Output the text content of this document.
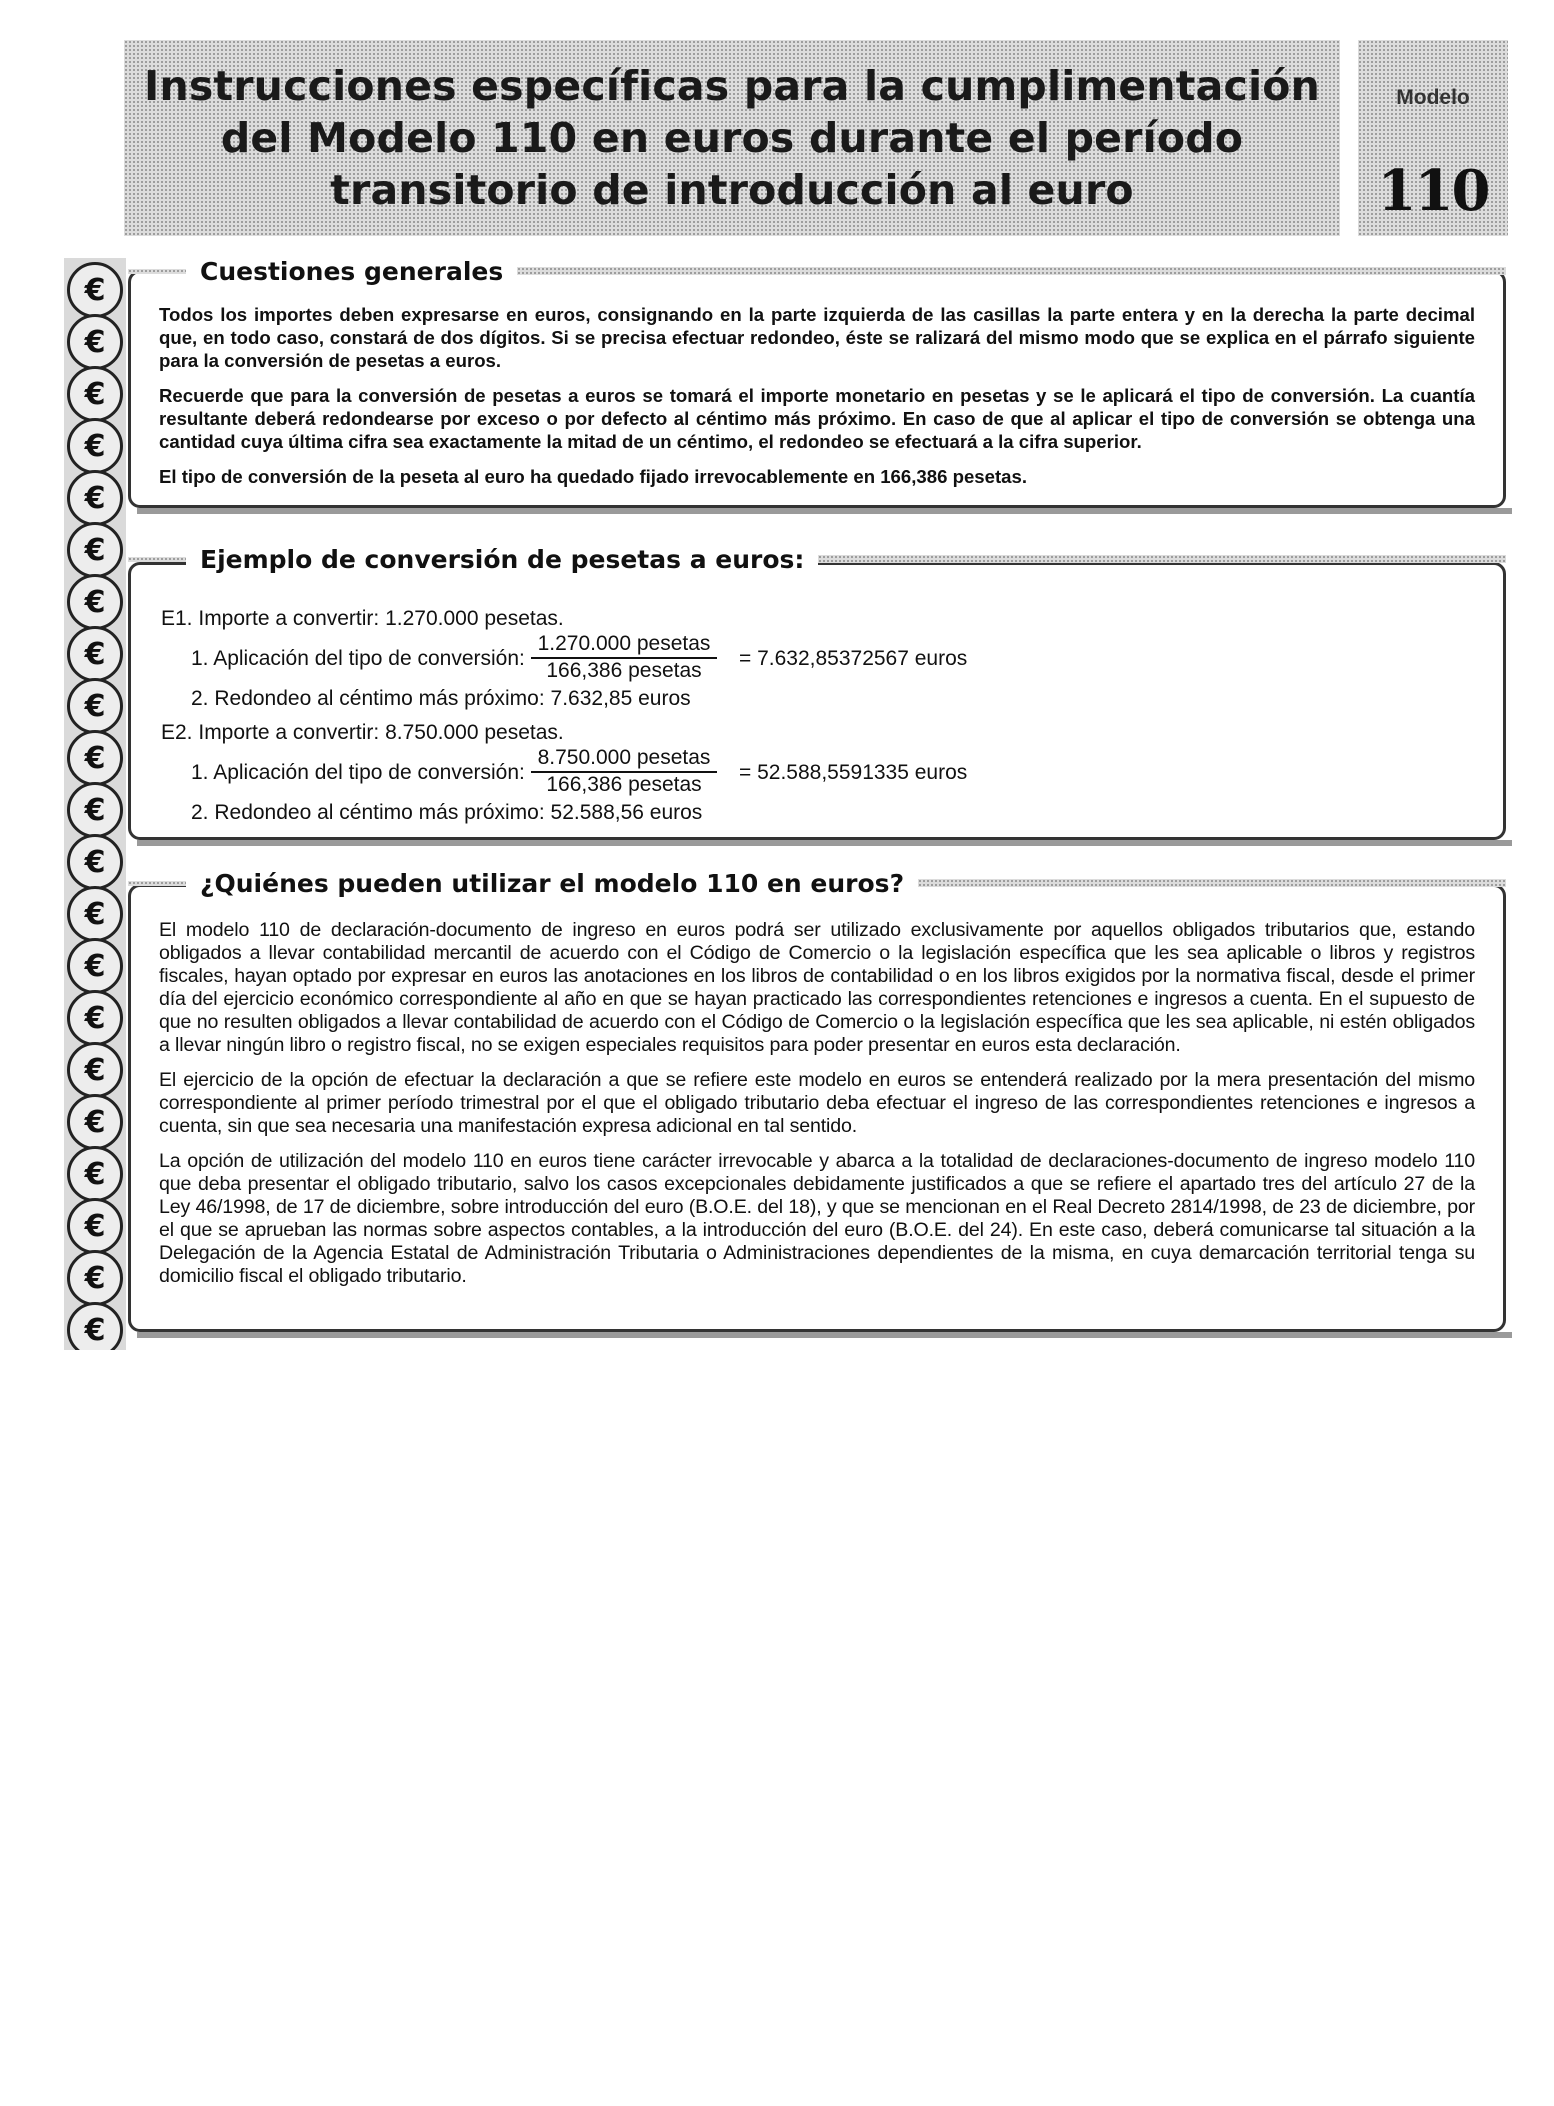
Instrucciones específicas para la cumplimentación
del Modelo 110 en euros durante el período
transitorio de introducción al euro
Modelo
110
€
€
€
€
€
€
€
€
€
€
€
€
€
€
€
€
€
€
€
€
€

Todos los importes deben expresarse en euros, consignando en la parte izquierda de las casillas la parte entera y en la derecha la parte decimal que, en todo caso, constará de dos dígitos. Si se precisa efectuar redondeo, éste se ralizará del mismo modo que se explica en el párrafo siguiente para la conversión de pesetas a euros.

Recuerde que para la conversión de pesetas a euros se tomará el importe monetario en pesetas y se le aplicará el tipo de conversión. La cuantía resultante deberá redondearse por exceso o por defecto al céntimo más próximo. En caso de que al aplicar el tipo de conversión se obtenga una cantidad cuya última cifra sea exactamente la mitad de un céntimo, el redondeo se efectuará a la cifra superior.

El tipo de conversión de la peseta al euro ha quedado fijado irrevocablemente en 166,386 pesetas.

Cuestiones generales
E1. Importe a convertir: 1.270.000 pesetas.
1. Aplicación del tipo de conversión:
1.270.000 pesetas
166,386 pesetas
= 7.632,85372567 euros
2. Redondeo al céntimo más próximo: 7.632,85 euros
E2. Importe a convertir: 8.750.000 pesetas.
1. Aplicación del tipo de conversión:
8.750.000 pesetas
166,386 pesetas
= 52.588,5591335 euros
2. Redondeo al céntimo más próximo: 52.588,56 euros
Ejemplo de conversión de pesetas a euros:

El modelo 110 de declaración-documento de ingreso en euros podrá ser utilizado exclusivamente por aquellos obligados tributarios que, estando obligados a llevar contabilidad mercantil de acuerdo con el Código de Comercio o la legislación específica que les sea aplicable o libros y registros fiscales, hayan optado por expresar en euros las anotaciones en los libros de contabilidad o en los libros exigidos por la normativa fiscal, desde el primer día del ejercicio económico correspondiente al año en que se hayan practicado las correspondientes retenciones e ingresos a cuenta. En el supuesto de que no resulten obligados a llevar contabilidad de acuerdo con el Código de Comercio o la legislación específica que les sea aplicable, ni estén obligados a llevar ningún libro o registro fiscal, no se exigen especiales requisitos para poder presentar en euros esta declaración.

El ejercicio de la opción de efectuar la declaración a que se refiere este modelo en euros se entenderá realizado por la mera presentación del mismo correspondiente al primer período trimestral por el que el obligado tributario deba efectuar el ingreso de las correspondientes retenciones e ingresos a cuenta, sin que sea necesaria una manifestación expresa adicional en tal sentido.

La opción de utilización del modelo 110 en euros tiene carácter irrevocable y abarca a la totalidad de declaraciones-documento de ingreso modelo 110 que deba presentar el obligado tributario, salvo los casos excepcionales debidamente justificados a que se refiere el apartado tres del artículo 27 de la Ley 46/1998, de 17 de diciembre, sobre introducción del euro (B.O.E. del 18), y que se mencionan en el Real Decreto 2814/1998, de 23 de diciembre, por el que se aprueban las normas sobre aspectos contables, a la introducción del euro (B.O.E. del 24). En este caso, deberá comunicarse tal situación a la Delegación de la Agencia Estatal de Administración Tributaria o Administraciones dependientes de la misma, en cuya demarcación territorial tenga su domicilio fiscal el obligado tributario.

¿Quiénes pueden utilizar el modelo 110 en euros?
